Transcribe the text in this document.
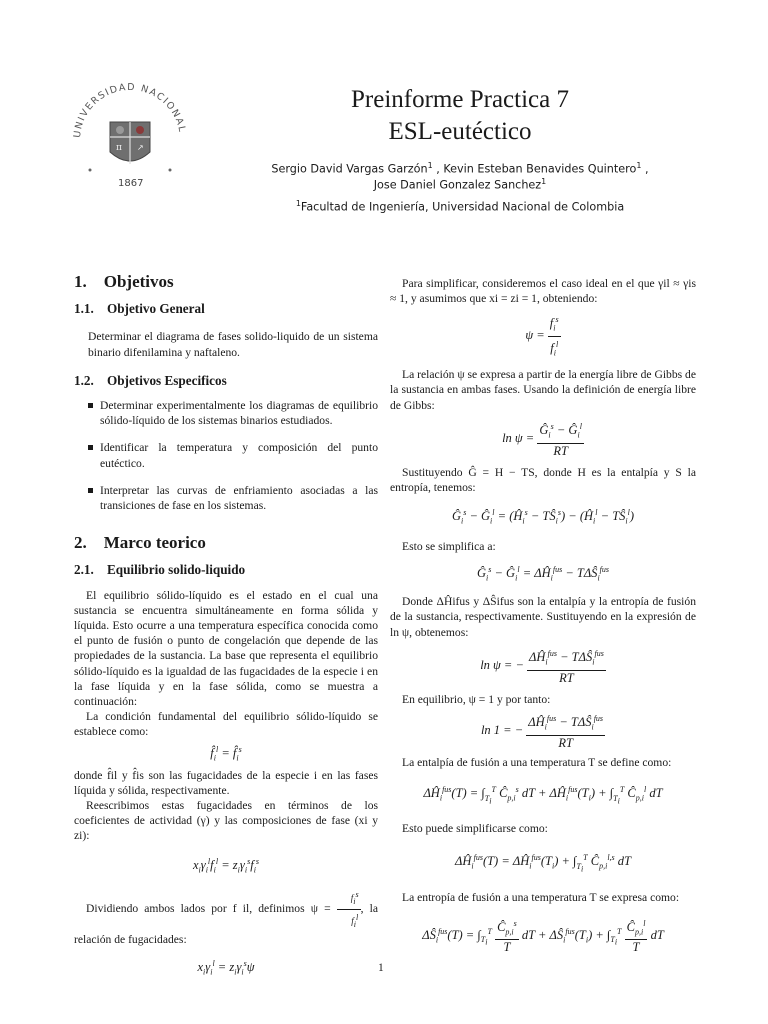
UNIVERSIDAD NACIONAL
π ↗
1867
Preinforme Practica 7
ESL-eutéctico
Sergio David Vargas Garzón$^1$ , Kevin Esteban Benavides Quintero$^1$ ,
Jose Daniel Gonzalez Sanchez$^1$
$^1$Facultad de Ingeniería, Universidad Nacional de Colombia
1. Objetivos
1.1. Objetivo General

Determinar el diagrama de fases solido-liquido de un sistema binario difenilamina y naftaleno.

1.2. Objetivos Especificos

Determinar experimentalmente los diagramas de equilibrio sólido-líquido de los sistemas binarios estudiados.

Identificar la temperatura y composición del punto eutéctico.

Interpretar las curvas de enfriamiento asociadas a las transiciones de fase en los sistemas.

2. Marco teorico
2.1. Equilibrio solido-liquido

El equilibrio sólido-líquido es el estado en el cual una sustancia se encuentra simultáneamente en forma sólida y líquida. Esto ocurre a una temperatura específica conocida como el punto de fusión o punto de congelación que depende de las propiedades de la sustancia. La base que representa el equilibrio sólido-líquido es la igualdad de las fugacidades de la especie i en la fase líquida y en la fase sólida, como se muestra a continuación:

La condición fundamental del equilibrio sólido-líquido se establece como:

$f̂_i^l$ = $f̂_i^s$

donde f̂il y f̂is son las fugacidades de la especie i en las fases líquida y sólida, respectivamente.

Reescribimos estas fugacidades en términos de los coeficientes de actividad (γ) y las composiciones de fase (xi y zi):

$x_i\gamma_i^lf_i^l = z_i\gamma_i^sf_i^s$

Dividiendo ambos lados por f il, definimos $\psi = \frac{f_i^s}{f_i^l}$ , la relación de fugacidades:

$x_i\gamma_i^l = z_i\gamma_i^s\psi$

Para simplificar, consideremos el caso ideal en el que γil ≈ γis ≈ 1, y asumimos que xi = zi = 1, obteniendo:

$\psi = \frac{f_i^s}{f_i^l}$

La relación ψ se expresa a partir de la energía libre de Gibbs de la sustancia en ambas fases. Usando la definición de energía libre de Gibbs:

$\ln \psi = \frac{Ĝ_i^s - Ĝ_i^l}{RT}$

Sustituyendo Ĝ = H − TS, donde H es la entalpía y S la entropía, tenemos:

$Ĝ_i^s$ − $Ĝ_i^l$ = ($Ĥ_i^s$ − $TŜ_i^s$) − ($Ĥ_i^l$ − $TŜ_i^l$)

Esto se simplifica a:

$Ĝ_i^s$ − $Ĝ_i^l$ = $\Delta Ĥ_i^{fus}$ − $T\Delta Ŝ_i^{fus}$

Donde ΔĤifus y ΔŜifus son la entalpía y la entropía de fusión de la sustancia, respectivamente. Sustituyendo en la expresión de ln ψ, obtenemos:

ln ψ = − $\frac{\Delta Ĥ_i^{fus} - T\Delta Ŝ_i^{fus}}{RT}$

En equilibrio, ψ = 1 y por tanto:

ln 1 = − $\frac{\Delta Ĥ_i^{fus} - T\Delta Ŝ_i^{fus}}{RT}$

La entalpía de fusión a una temperatura T se define como:

$\Delta Ĥ_i^{fus}(T) = \int_{T_i}^T$ $Ĉ_{p,i}^s$ dT + $\Delta Ĥ_i^{fus}(T_i) + \int_{T_i}^T$ $Ĉ_{p,i}^l$ dT

Esto puede simplificarse como:

$\Delta Ĥ_i^{fus}(T)$ = $\Delta Ĥ_i^{fus}(T_i) + \int_{T_i}^T$ $Ĉ_{p,i}^{l,s}$ dT

La entropía de fusión a una temperatura T se expresa como:

$\Delta Ŝ_i^{fus}(T) = \int_{T_i}^T \frac{Ĉ_{p,i}^s}{T}$ dT + $\Delta Ŝ_i^{fus}(T_i) + \int_{T_i}^T \frac{Ĉ_{p,i}^l}{T}$ dT
1
